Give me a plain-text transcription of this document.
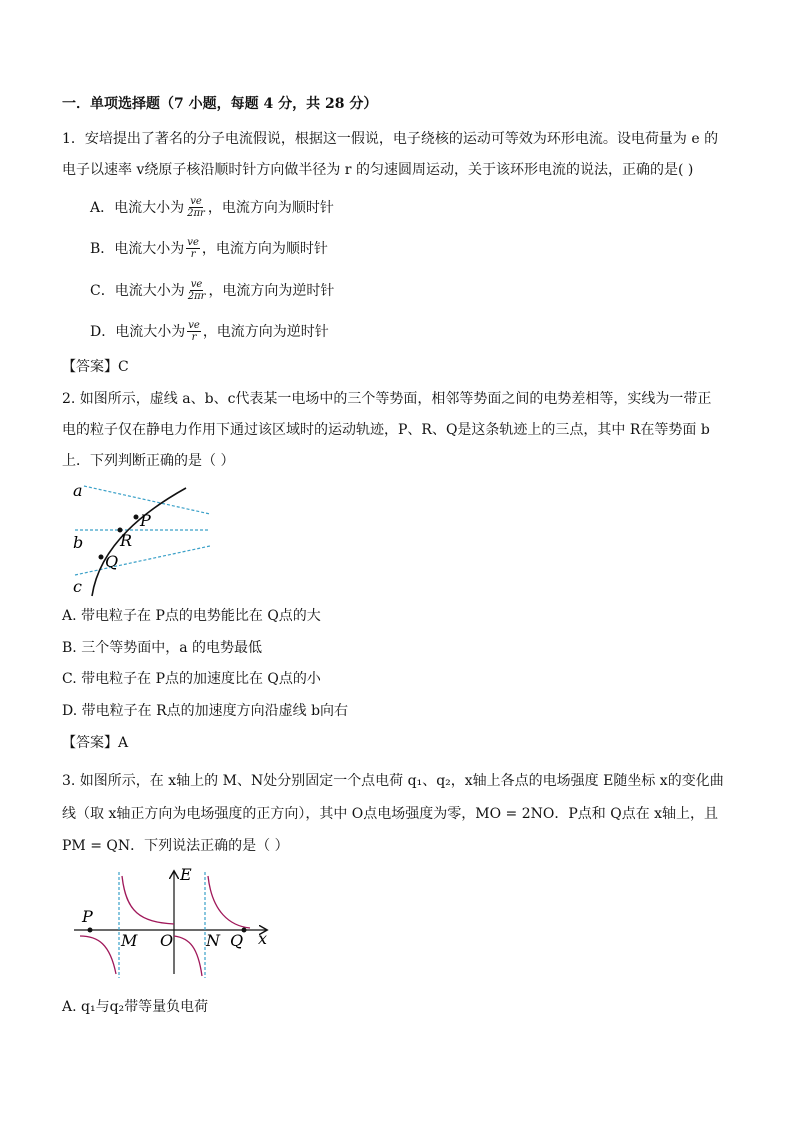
一．单项选择题（7 小题，每题 4 分，共 28 分）
1．安培提出了著名的分子电流假说，根据这一假说，电子绕核的运动可等效为环形电流。设电荷量为 e 的
电子以速率 v绕原子核沿顺时针方向做半径为 r 的匀速圆周运动，关于该环形电流的说法，正确的是( )
A．电流大小为 $\frac{ve}{2\pi r}$ ，电流方向为顺时针
B．电流大小为 $\frac{ve}{r}$ ，电流方向为顺时针
C．电流大小为 $\frac{ve}{2\pi r}$ ，电流方向为逆时针
D．电流大小为 $\frac{ve}{r}$ ，电流方向为逆时针
【答案】C
2. 如图所示，虚线 a、b、c代表某一电场中的三个等势面，相邻等势面之间的电势差相等，实线为一带正
电的粒子仅在静电力作用下通过该区域时的运动轨迹，P、R、Q是这条轨迹上的三点，其中 R在等势面 b
上．下列判断正确的是（ ）
a
b
c
P
R
Q
A. 带电粒子在 P点的电势能比在 Q点的大
B. 三个等势面中，a 的电势最低
C. 带电粒子在 P点的加速度比在 Q点的小
D. 带电粒子在 R点的加速度方向沿虚线 b向右
【答案】A
3. 如图所示，在 x轴上的 M、N处分别固定一个点电荷 q₁、q₂，x轴上各点的电场强度 E随坐标 x的变化曲
线（取 x轴正方向为电场强度的正方向），其中 O点电场强度为零，MO = 2NO．P点和 Q点在 x轴上，且
PM = QN．下列说法正确的是（ ）
E
P
M O N Q x
A. q₁与q₂带等量负电荷
